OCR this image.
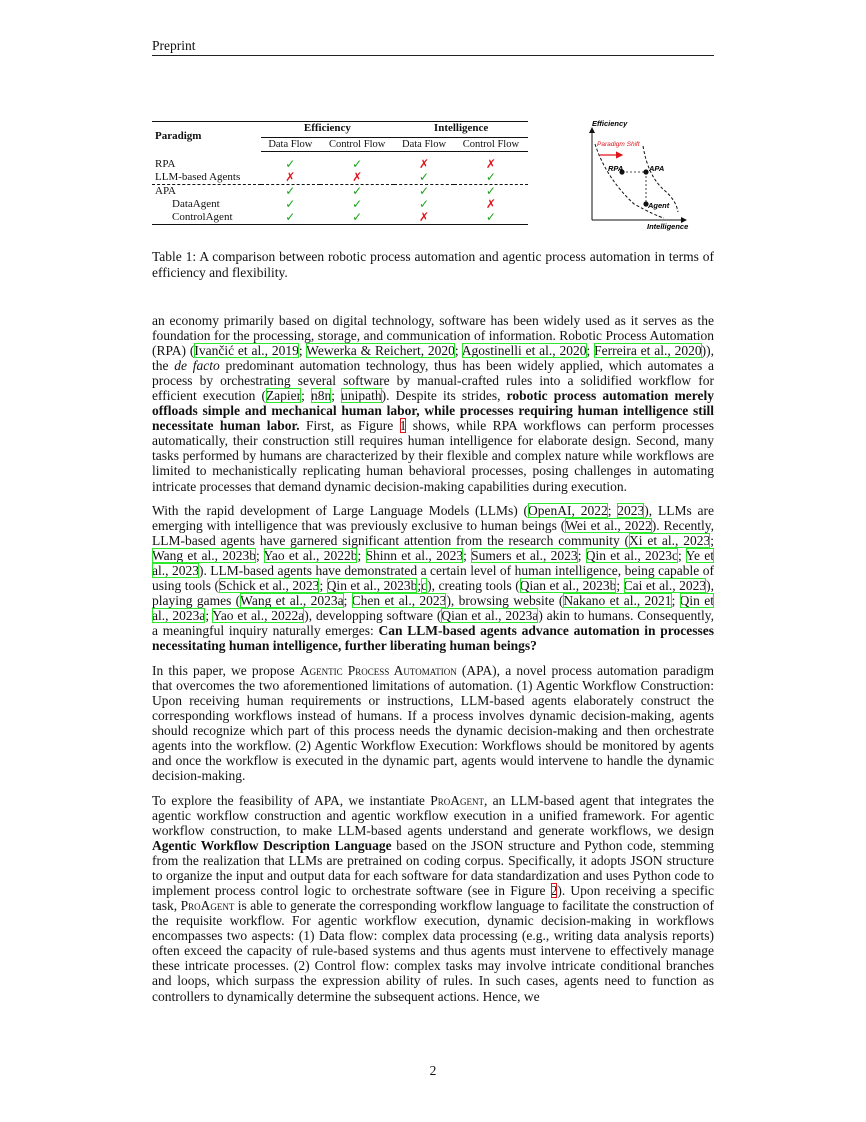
Preprint
Paradigm	Efficiency		Intelligence	
	Data Flow	Control Flow	Data Flow	Control Flow

RPA	✓	✓	✗	✗
LLM-based Agents	✗	✗	✓	✓
APA	✓	✓	✓	✓
DataAgent	✓	✓	✓	✗
ControlAgent	✓	✓	✗	✓
Efficiency
Intelligence
Paradigm Shift
RPA	APA
Agent
Table 1: A comparison between robotic process automation and agentic process automation in terms of efficiency and flexibility.

an economy primarily based on digital technology, software has been widely used as it serves as the foundation for the processing, storage, and communication of information. Robotic Process Automation (RPA) (Ivančić et al., 2019; Wewerka & Reichert, 2020; Agostinelli et al., 2020; Ferreira et al., 2020)), the de facto predominant automation technology, thus has been widely applied, which automates a process by orchestrating several software by manual-crafted rules into a solidified workflow for efficient execution (Zapier; n8n; unipath). Despite its strides, robotic process automation merely offloads simple and mechanical human labor, while processes requiring human intelligence still necessitate human labor. First, as Figure 1 shows, while RPA workflows can perform processes automatically, their construction still requires human intelligence for elaborate design. Second, many tasks performed by humans are characterized by their flexible and complex nature while workflows are limited to mechanistically replicating human behavioral processes, posing challenges in automating intricate processes that demand dynamic decision-making capabilities during execution.

With the rapid development of Large Language Models (LLMs) (OpenAI, 2022; 2023), LLMs are emerging with intelligence that was previously exclusive to human beings (Wei et al., 2022). Recently, LLM-based agents have garnered significant attention from the research community (Xi et al., 2023; Wang et al., 2023b; Yao et al., 2022b; Shinn et al., 2023; Sumers et al., 2023; Qin et al., 2023c; Ye et al., 2023). LLM-based agents have demonstrated a certain level of human intelligence, being capable of using tools (Schick et al., 2023; Qin et al., 2023b;c), creating tools (Qian et al., 2023b; Cai et al., 2023), playing games (Wang et al., 2023a; Chen et al., 2023), browsing website (Nakano et al., 2021; Qin et al., 2023a; Yao et al., 2022a), developping software (Qian et al., 2023a) akin to humans. Consequently, a meaningful inquiry naturally emerges: Can LLM-based agents advance automation in processes necessitating human intelligence, further liberating human beings?

In this paper, we propose Agentic Process Automation (APA), a novel process automation paradigm that overcomes the two aforementioned limitations of automation. (1) Agentic Workflow Construction: Upon receiving human requirements or instructions, LLM-based agents elaborately construct the corresponding workflows instead of humans. If a process involves dynamic decision-making, agents should recognize which part of this process needs the dynamic decision-making and then orchestrate agents into the workflow. (2) Agentic Workflow Execution: Workflows should be monitored by agents and once the workflow is executed in the dynamic part, agents would intervene to handle the dynamic decision-making.

To explore the feasibility of APA, we instantiate ProAgent, an LLM-based agent that integrates the agentic workflow construction and agentic workflow execution in a unified framework. For agentic workflow construction, to make LLM-based agents understand and generate workflows, we design Agentic Workflow Description Language based on the JSON structure and Python code, stemming from the realization that LLMs are pretrained on coding corpus. Specifically, it adopts JSON structure to organize the input and output data for each software for data standardization and uses Python code to implement process control logic to orchestrate software (see in Figure 2). Upon receiving a specific task, ProAgent is able to generate the corresponding workflow language to facilitate the construction of the requisite workflow. For agentic workflow execution, dynamic decision-making in workflows encompasses two aspects: (1) Data flow: complex data processing (e.g., writing data analysis reports) often exceed the capacity of rule-based systems and thus agents must intervene to effectively manage these intricate processes. (2) Control flow: complex tasks may involve intricate conditional branches and loops, which surpass the expression ability of rules. In such cases, agents need to function as controllers to dynamically determine the subsequent actions. Hence, we

2
